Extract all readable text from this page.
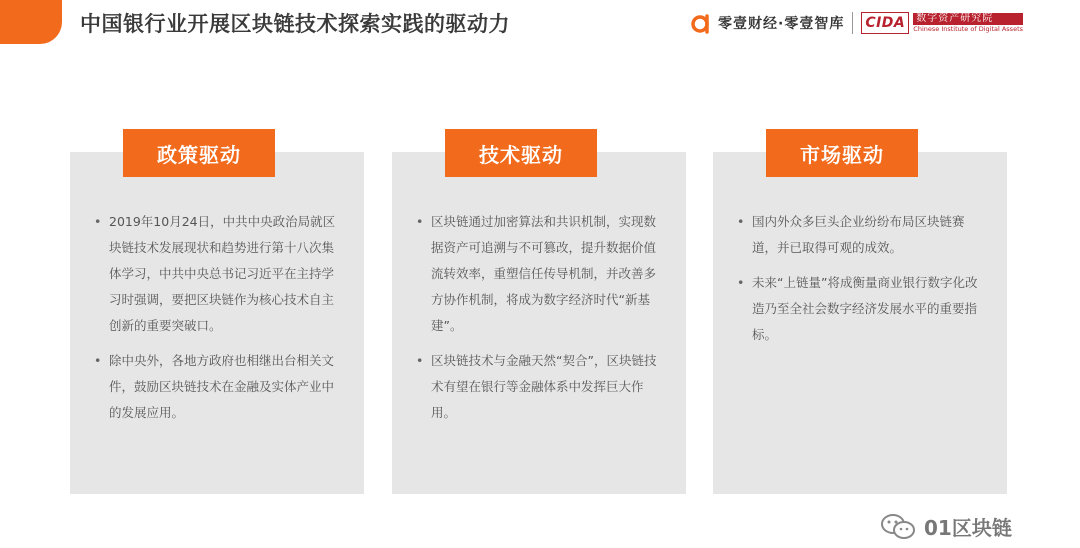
中国银行业开展区块链技术探索实践的驱动力	零壹财经·零壹智库 CIDA	数字资产研究院
Chinese Institute of Digital Assets
• 2019年10月24日，中共中央政治局就区块链技术发展现状和趋势进行第十八次集体学习，中共中央总书记习近平在主持学习时强调，要把区块链作为核心技术自主创新的重要突破口。
• 除中央外，各地方政府也相继出台相关文件，鼓励区块链技术在金融及实体产业中的发展应用。
政策驱动
• 区块链通过加密算法和共识机制，实现数据资产可追溯与不可篡改，提升数据价值流转效率，重塑信任传导机制，并改善多方协作机制，将成为数字经济时代“新基建”。
• 区块链技术与金融天然“契合”，区块链技术有望在银行等金融体系中发挥巨大作用。
技术驱动
• 国内外众多巨头企业纷纷布局区块链赛道，并已取得可观的成效。
• 未来“上链量”将成衡量商业银行数字化改造乃至全社会数字经济发展水平的重要指标。
市场驱动
01区块链
